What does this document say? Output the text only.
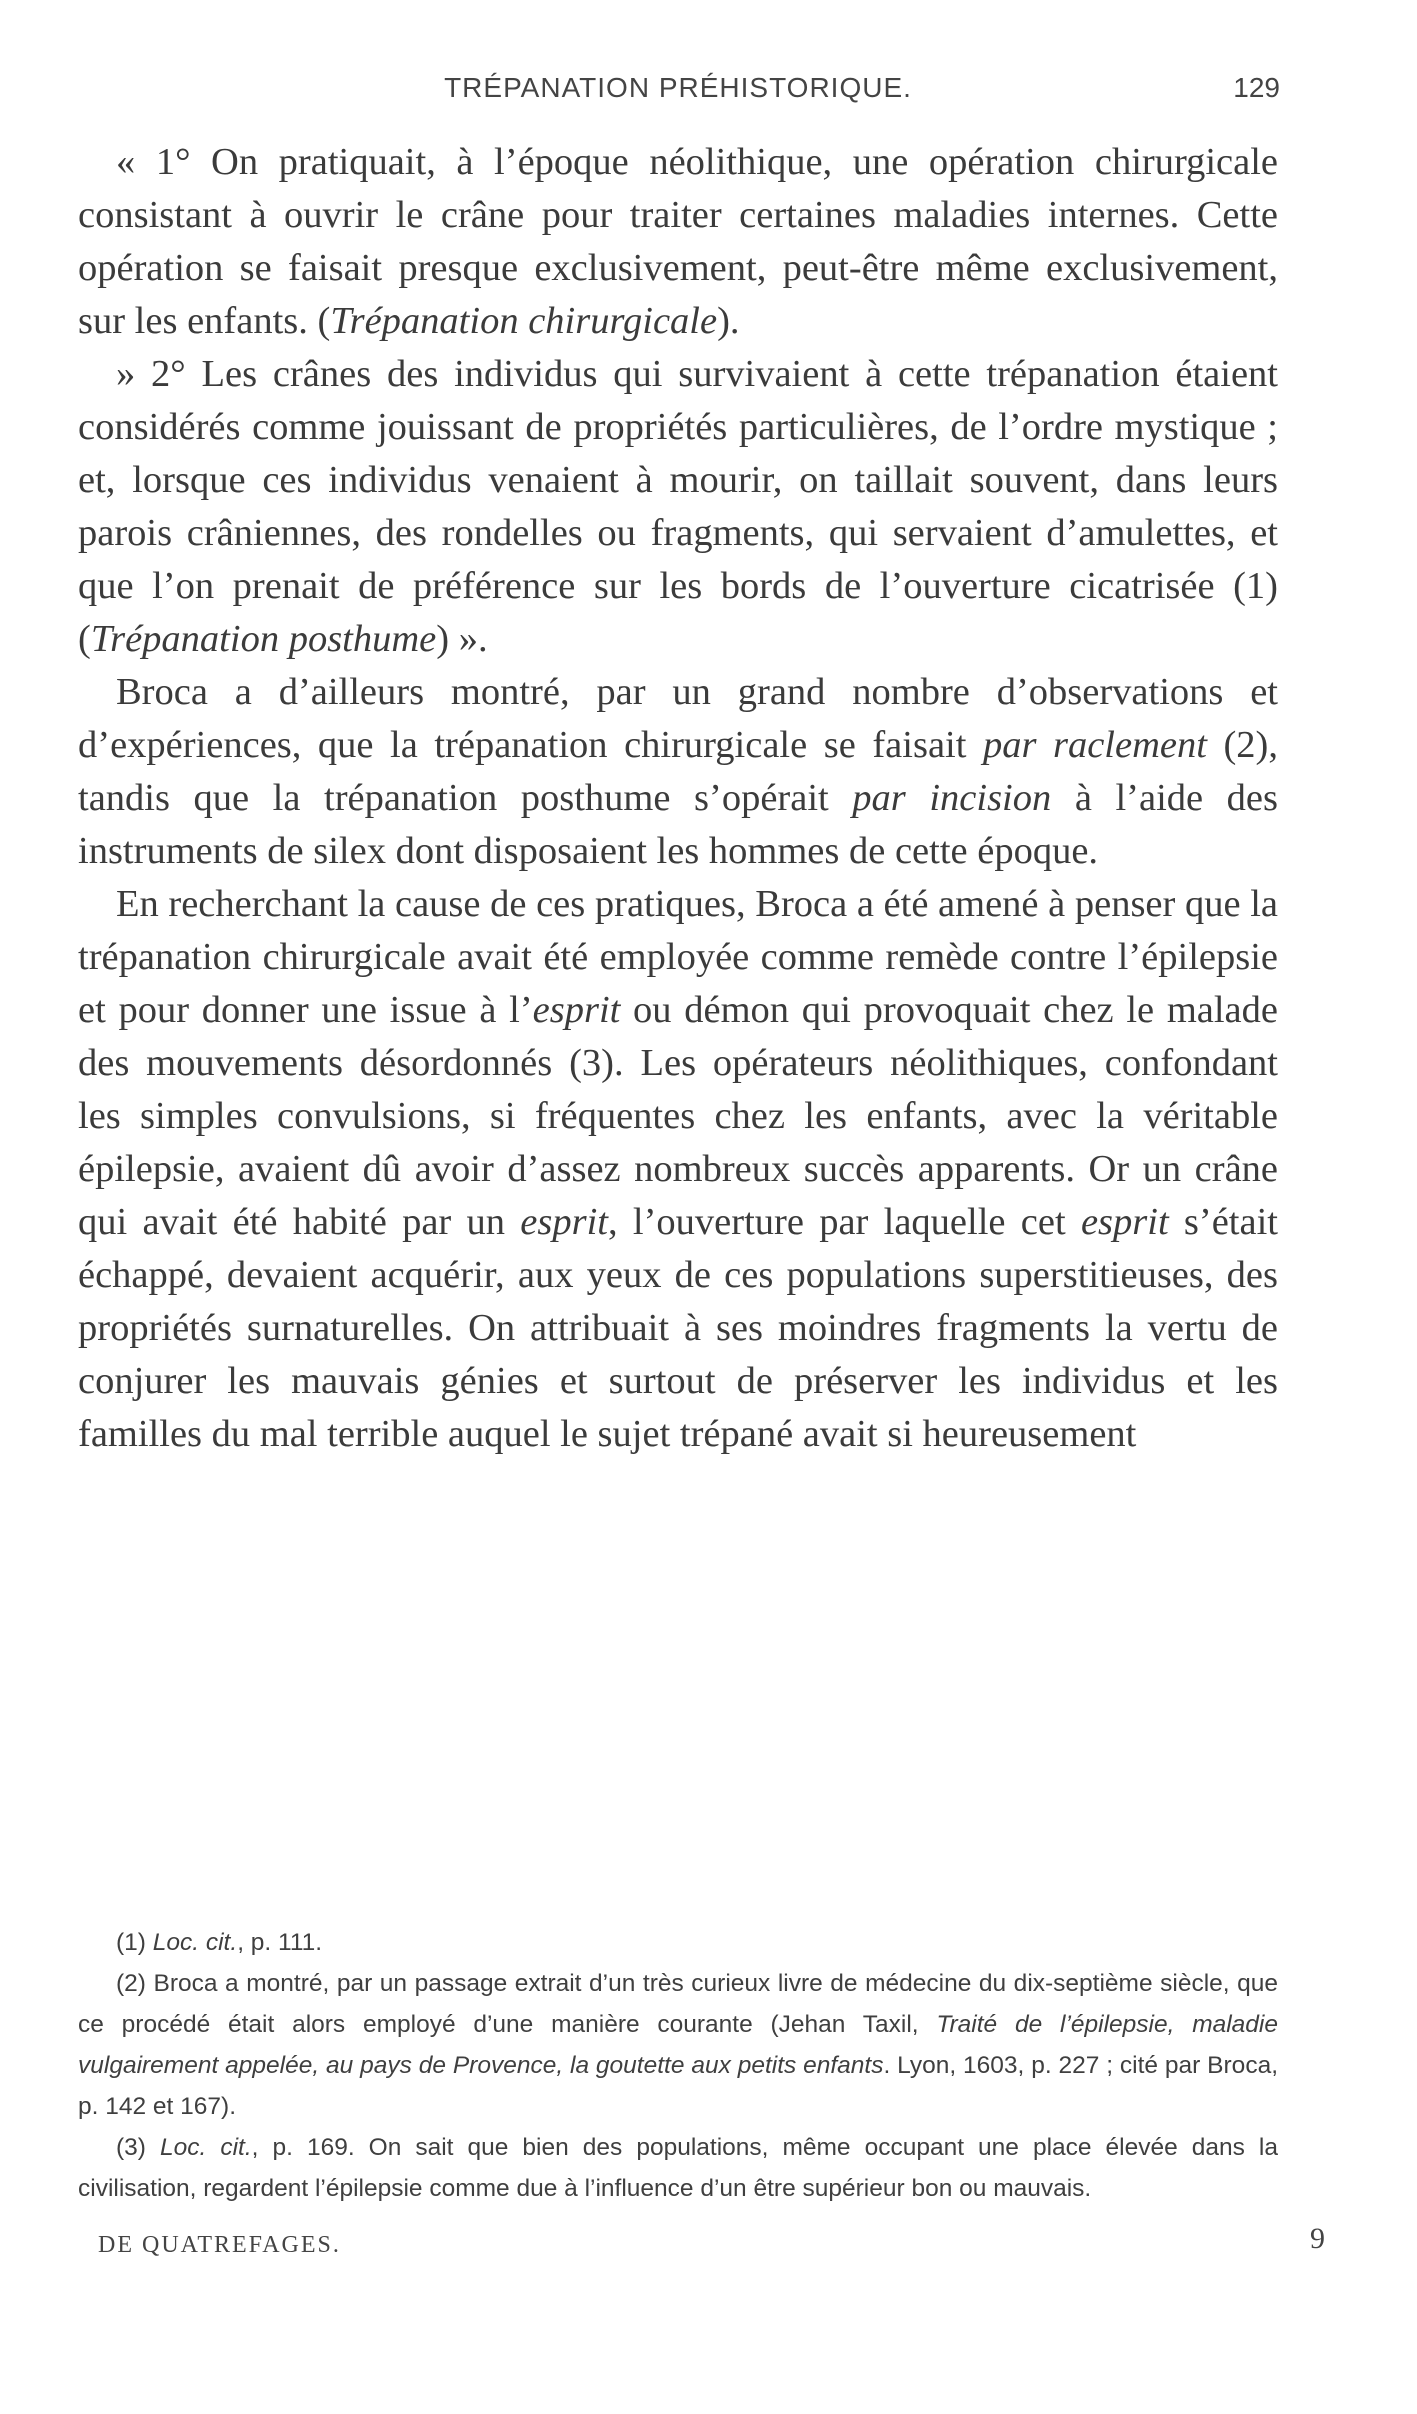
TRÉPANATION PRÉHISTORIQUE.	129

« 1° On pratiquait, à l’époque néolithique, une opération chirurgicale consistant à ouvrir le crâne pour traiter certaines maladies internes. Cette opération se faisait presque exclusivement, peut-être même exclusivement, sur les enfants. (Trépanation chirurgicale).

» 2° Les crânes des individus qui survivaient à cette trépanation étaient considérés comme jouissant de propriétés particulières, de l’ordre mystique ; et, lorsque ces individus venaient à mourir, on taillait souvent, dans leurs parois crâniennes, des rondelles ou fragments, qui servaient d’amulettes, et que l’on prenait de préférence sur les bords de l’ouverture cicatrisée (1) (Trépanation posthume) ».

Broca a d’ailleurs montré, par un grand nombre d’observations et d’expériences, que la trépanation chirurgicale se faisait par raclement (2), tandis que la trépanation posthume s’opérait par incision à l’aide des instruments de silex dont disposaient les hommes de cette époque.

En recherchant la cause de ces pratiques, Broca a été amené à penser que la trépanation chirurgicale avait été employée comme remède contre l’épilepsie et pour donner une issue à l’esprit ou démon qui provoquait chez le malade des mouvements désordonnés (3). Les opérateurs néolithiques, confondant les simples convulsions, si fréquentes chez les enfants, avec la véritable épilepsie, avaient dû avoir d’assez nombreux succès apparents. Or un crâne qui avait été habité par un esprit, l’ouverture par laquelle cet esprit s’était échappé, devaient acquérir, aux yeux de ces populations superstitieuses, des propriétés surnaturelles. On attribuait à ses moindres fragments la vertu de conjurer les mauvais génies et surtout de préserver les individus et les familles du mal terrible auquel le sujet trépané avait si heureusement

(1) Loc. cit., p. 111.

(2) Broca a montré, par un passage extrait d’un très curieux livre de médecine du dix-septième siècle, que ce procédé était alors employé d’une manière courante (Jehan Taxil, Traité de l’épilepsie, maladie vulgairement appelée, au pays de Provence, la goutette aux petits enfants. Lyon, 1603, p. 227 ; cité par Broca, p. 142 et 167).

(3) Loc. cit., p. 169. On sait que bien des populations, même occupant une place élevée dans la civilisation, regardent l’épilepsie comme due à l’influence d’un être supérieur bon ou mauvais.

DE QUATREFAGES.	9
